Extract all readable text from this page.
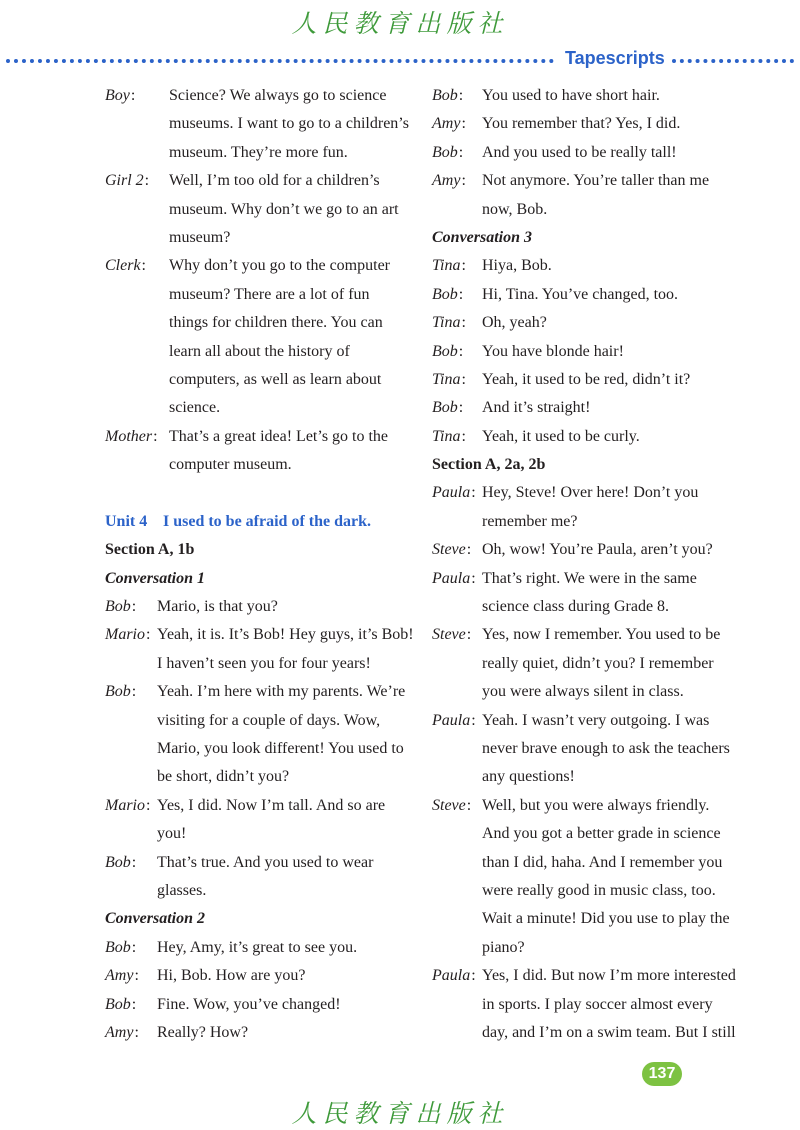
人民教育出版社
Tapescripts
Boy : Science? We always go to science
museums. I want to go to a children’s
museum. They’re more fun.
Girl 2 : Well, I’m too old for a children’s
museum. Why don’t we go to an art
museum?
Clerk : Why don’t you go to the computer
museum? There are a lot of fun
things for children there. You can
learn all about the history of
computers, as well as learn about
science.
Mother : That’s a great idea! Let’s go to the
computer museum.
Unit 4 I used to be afraid of the dark.
Section A, 1b
Conversation 1
Bob : Mario, is that you?
Mario : Yeah, it is. It’s Bob! Hey guys, it’s Bob!
I haven’t seen you for four years!
Bob : Yeah. I’m here with my parents. We’re
visiting for a couple of days. Wow,
Mario, you look different! You used to
be short, didn’t you?
Mario : Yes, I did. Now I’m tall. And so are
you!
Bob : That’s true. And you used to wear
glasses.
Conversation 2
Bob : Hey, Amy, it’s great to see you.
Amy : Hi, Bob. How are you?
Bob : Fine. Wow, you’ve changed!
Amy : Really? How?
Bob : You used to have short hair.
Amy : You remember that? Yes, I did.
Bob : And you used to be really tall!
Amy : Not anymore. You’re taller than me
now, Bob.
Conversation 3
Tina : Hiya, Bob.
Bob : Hi, Tina. You’ve changed, too.
Tina : Oh, yeah?
Bob : You have blonde hair!
Tina : Yeah, it used to be red, didn’t it?
Bob : And it’s straight!
Tina : Yeah, it used to be curly.
Section A, 2a, 2b
Paula : Hey, Steve! Over here! Don’t you
remember me?
Steve : Oh, wow! You’re Paula, aren’t you?
Paula : That’s right. We were in the same
science class during Grade 8.
Steve : Yes, now I remember. You used to be
really quiet, didn’t you? I remember
you were always silent in class.
Paula : Yeah. I wasn’t very outgoing. I was
never brave enough to ask the teachers
any questions!
Steve : Well, but you were always friendly.
And you got a better grade in science
than I did, haha. And I remember you
were really good in music class, too.
Wait a minute! Did you use to play the
piano?
Paula : Yes, I did. But now I’m more interested
in sports. I play soccer almost every
day, and I’m on a swim team. But I still
137
人民教育出版社
